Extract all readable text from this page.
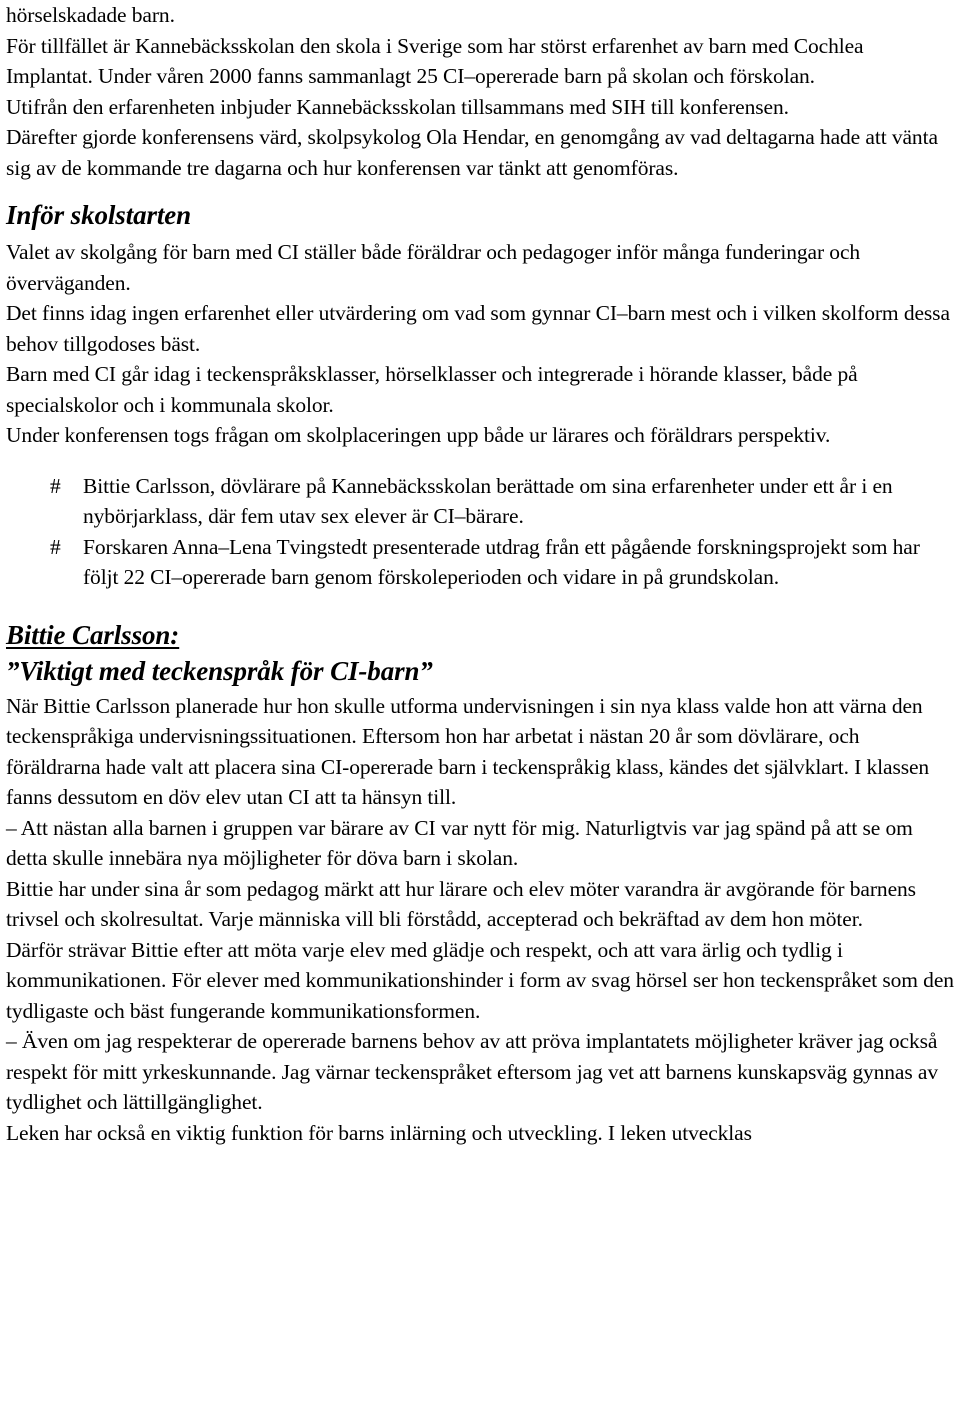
hörselskadade barn.

För tillfället är Kannebäcksskolan den skola i Sverige som har störst erfarenhet av barn med Cochlea Implantat. Under våren 2000 fanns sammanlagt 25 CI–opererade barn på skolan och förskolan.

Utifrån den erfarenheten inbjuder Kannebäcksskolan tillsammans med SIH till konferensen.

Därefter gjorde konferensens värd, skolpsykolog Ola Hendar, en genomgång av vad deltagarna hade att vänta sig av de kommande tre dagarna och hur konferensen var tänkt att genomföras.

Inför skolstarten

Valet av skolgång för barn med CI ställer både föräldrar och pedagoger inför många funderingar och överväganden.

Det finns idag ingen erfarenhet eller utvärdering om vad som gynnar CI–barn mest och i vilken skolform dessa behov tillgodoses bäst.

Barn med CI går idag i teckenspråksklasser, hörselklasser och integrerade i hörande klasser, både på specialskolor och i kommunala skolor.

Under konferensen togs frågan om skolplaceringen upp både ur lärares och föräldrars perspektiv.

#	Bittie Carlsson, dövlärare på Kannebäcksskolan berättade om sina erfarenheter under ett år i en nybörjarklass, där fem utav sex elever är CI–bärare.
#	Forskaren Anna–Lena Tvingstedt presenterade utdrag från ett pågående forskningsprojekt som har följt 22 CI–opererade barn genom förskoleperioden och vidare in på grundskolan.
Bittie Carlsson:
”Viktigt med teckenspråk för CI-barn”

När Bittie Carlsson planerade hur hon skulle utforma undervisningen i sin nya klass valde hon att värna den teckenspråkiga undervisningssituationen. Eftersom hon har arbetat i nästan 20 år som dövlärare, och föräldrarna hade valt att placera sina CI-opererade barn i teckenspråkig klass, kändes det självklart. I klassen fanns dessutom en döv elev utan CI att ta hänsyn till.

– Att nästan alla barnen i gruppen var bärare av CI var nytt för mig. Naturligtvis var jag spänd på att se om detta skulle innebära nya möjligheter för döva barn i skolan.

Bittie har under sina år som pedagog märkt att hur lärare och elev möter varandra är avgörande för barnens trivsel och skolresultat. Varje människa vill bli förstådd, accepterad och bekräftad av dem hon möter.

Därför strävar Bittie efter att möta varje elev med glädje och respekt, och att vara ärlig och tydlig i kommunikationen. För elever med kommunikationshinder i form av svag hörsel ser hon teckenspråket som den tydligaste och bäst fungerande kommunikationsformen.

– Även om jag respekterar de opererade barnens behov av att pröva implantatets möjligheter kräver jag också respekt för mitt yrkeskunnande. Jag värnar teckenspråket eftersom jag vet att barnens kunskapsväg gynnas av tydlighet och lättillgänglighet.

Leken har också en viktig funktion för barns inlärning och utveckling. I leken utvecklas
